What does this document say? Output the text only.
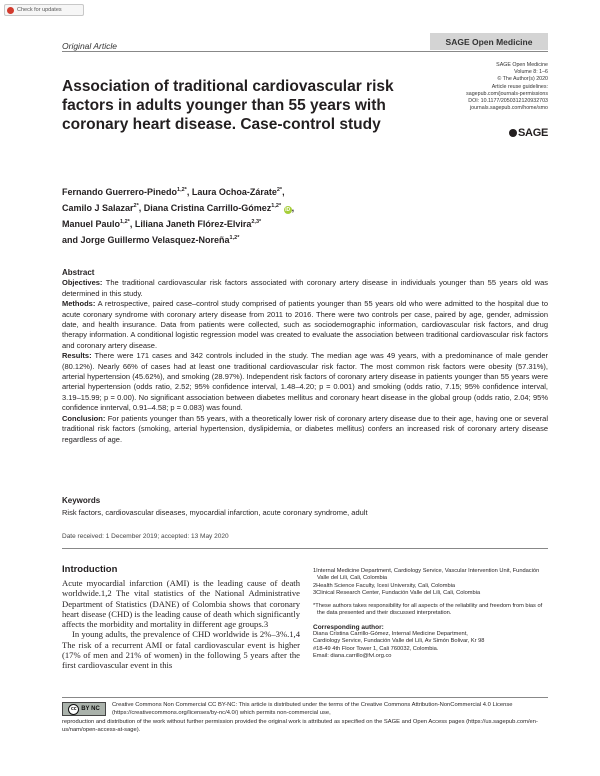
Check for updates
Original Article	SAGE Open Medicine
SAGE Open Medicine
Volume 8: 1–6
© The Author(s) 2020
Article reuse guidelines:
sagepub.com/journals-permissions
DOI: 10.1177/2050312120932703
journals.sagepub.com/home/smo
SAGE
Association of traditional cardiovascular risk factors in adults younger than 55 years with coronary heart disease. Case-control study
Fernando Guerrero-Pinedo$^{1,2*}$, Laura Ochoa-Zárate$^{2*}$,
Camilo J Salazar$^{2*}$, Diana Cristina Carrillo-Gómez$^{1,2*}$ iD ,
Manuel Paulo$^{1,2*}$, Liliana Janeth Flórez-Elvira$^{2,3*}$
and Jorge Guillermo Velasquez-Noreña$^{1,2*}$
Abstract

Objectives: The traditional cardiovascular risk factors associated with coronary artery disease in individuals younger than 55 years old was determined in this study.

Methods: A retrospective, paired case–control study comprised of patients younger than 55 years old who were admitted to the hospital due to acute coronary syndrome with coronary artery disease from 2011 to 2016. There were two controls per case, paired by age, gender, admission date, and health insurance. Data from patients were collected, such as sociodemographic information, cardiovascular risk factors, and drug therapy information. A conditional logistic regression model was created to evaluate the association between traditional cardiovascular risk factors and coronary artery disease.

Results: There were 171 cases and 342 controls included in the study. The median age was 49 years, with a predominance of male gender (80.12%). Nearly 66% of cases had at least one traditional cardiovascular risk factor. The most common risk factors were obesity (57.31%), arterial hypertension (45.62%), and smoking (28.97%). Independent risk factors of coronary artery disease in patients younger than 55 years were arterial hypertension (odds ratio, 2.52; 95% confidence interval, 1.48–4.20; p = 0.001) and smoking (odds ratio, 7.15; 95% confidence interval, 3.19–15.99; p = 0.00). No significant association between diabetes mellitus and coronary heart disease in the global group (odds ratio, 2.04; 95% confidence innterval, 0.91–4.58; p = 0.083) was found.

Conclusion: For patients younger than 55 years, with a theoretically lower risk of coronary artery disease due to their age, having one or several traditional risk factors (smoking, arterial hypertension, dyslipidemia, or diabetes mellitus) confers an increased risk of coronary artery disease regardless of age.

Keywords
Risk factors, cardiovascular diseases, myocardial infarction, acute coronary syndrome, adult
Date received: 1 December 2019; accepted: 13 May 2020
Introduction

Acute myocardial infarction (AMI) is the leading cause of death worldwide.1,2 The vital statistics of the National Administrative Department of Statistics (DANE) of Colombia shows that coronary heart disease (CHD) is the leading cause of death which significantly affects the morbidity and mortality in different age groups.3

In young adults, the prevalence of CHD worldwide is 2%–3%.1,4 The risk of a recurrent AMI or fatal cardiovascular event is higher (17% of men and 21% of women) in the following 5 years after the first cardiovascular event in this

1Internal Medicine Department, Cardiology Service, Vascular Intervention Unit, Fundación Valle del Lili, Cali, Colombia

2Health Science Faculty, Icesi University, Cali, Colombia

3Clinical Research Center, Fundación Valle del Lili, Cali, Colombia

*These authors takes responsibility for all aspects of the reliability and freedom from bias of the data presented and their discussed interpretation.

Corresponding author:

Diana Cristina Carrillo-Gómez, Internal Medicine Department,

Cardiology Service, Fundación Valle del Lili, Av Simón Bolivar, Kr 98

#18-49 4th Floor Tower 1, Cali 760032, Colombia.

Email: diana.carrillo@fvl.org.co

cc BY NC
Creative Commons Non Commercial CC BY-NC: This article is distributed under the terms of the Creative Commons Attribution-NonCommercial 4.0 License (https://creativecommons.org/licenses/by-nc/4.0/) which permits non-commercial use,
reproduction and distribution of the work without further permission provided the original work is attributed as specified on the SAGE and Open Access pages (https://us.sagepub.com/en-us/nam/open-access-at-sage).
